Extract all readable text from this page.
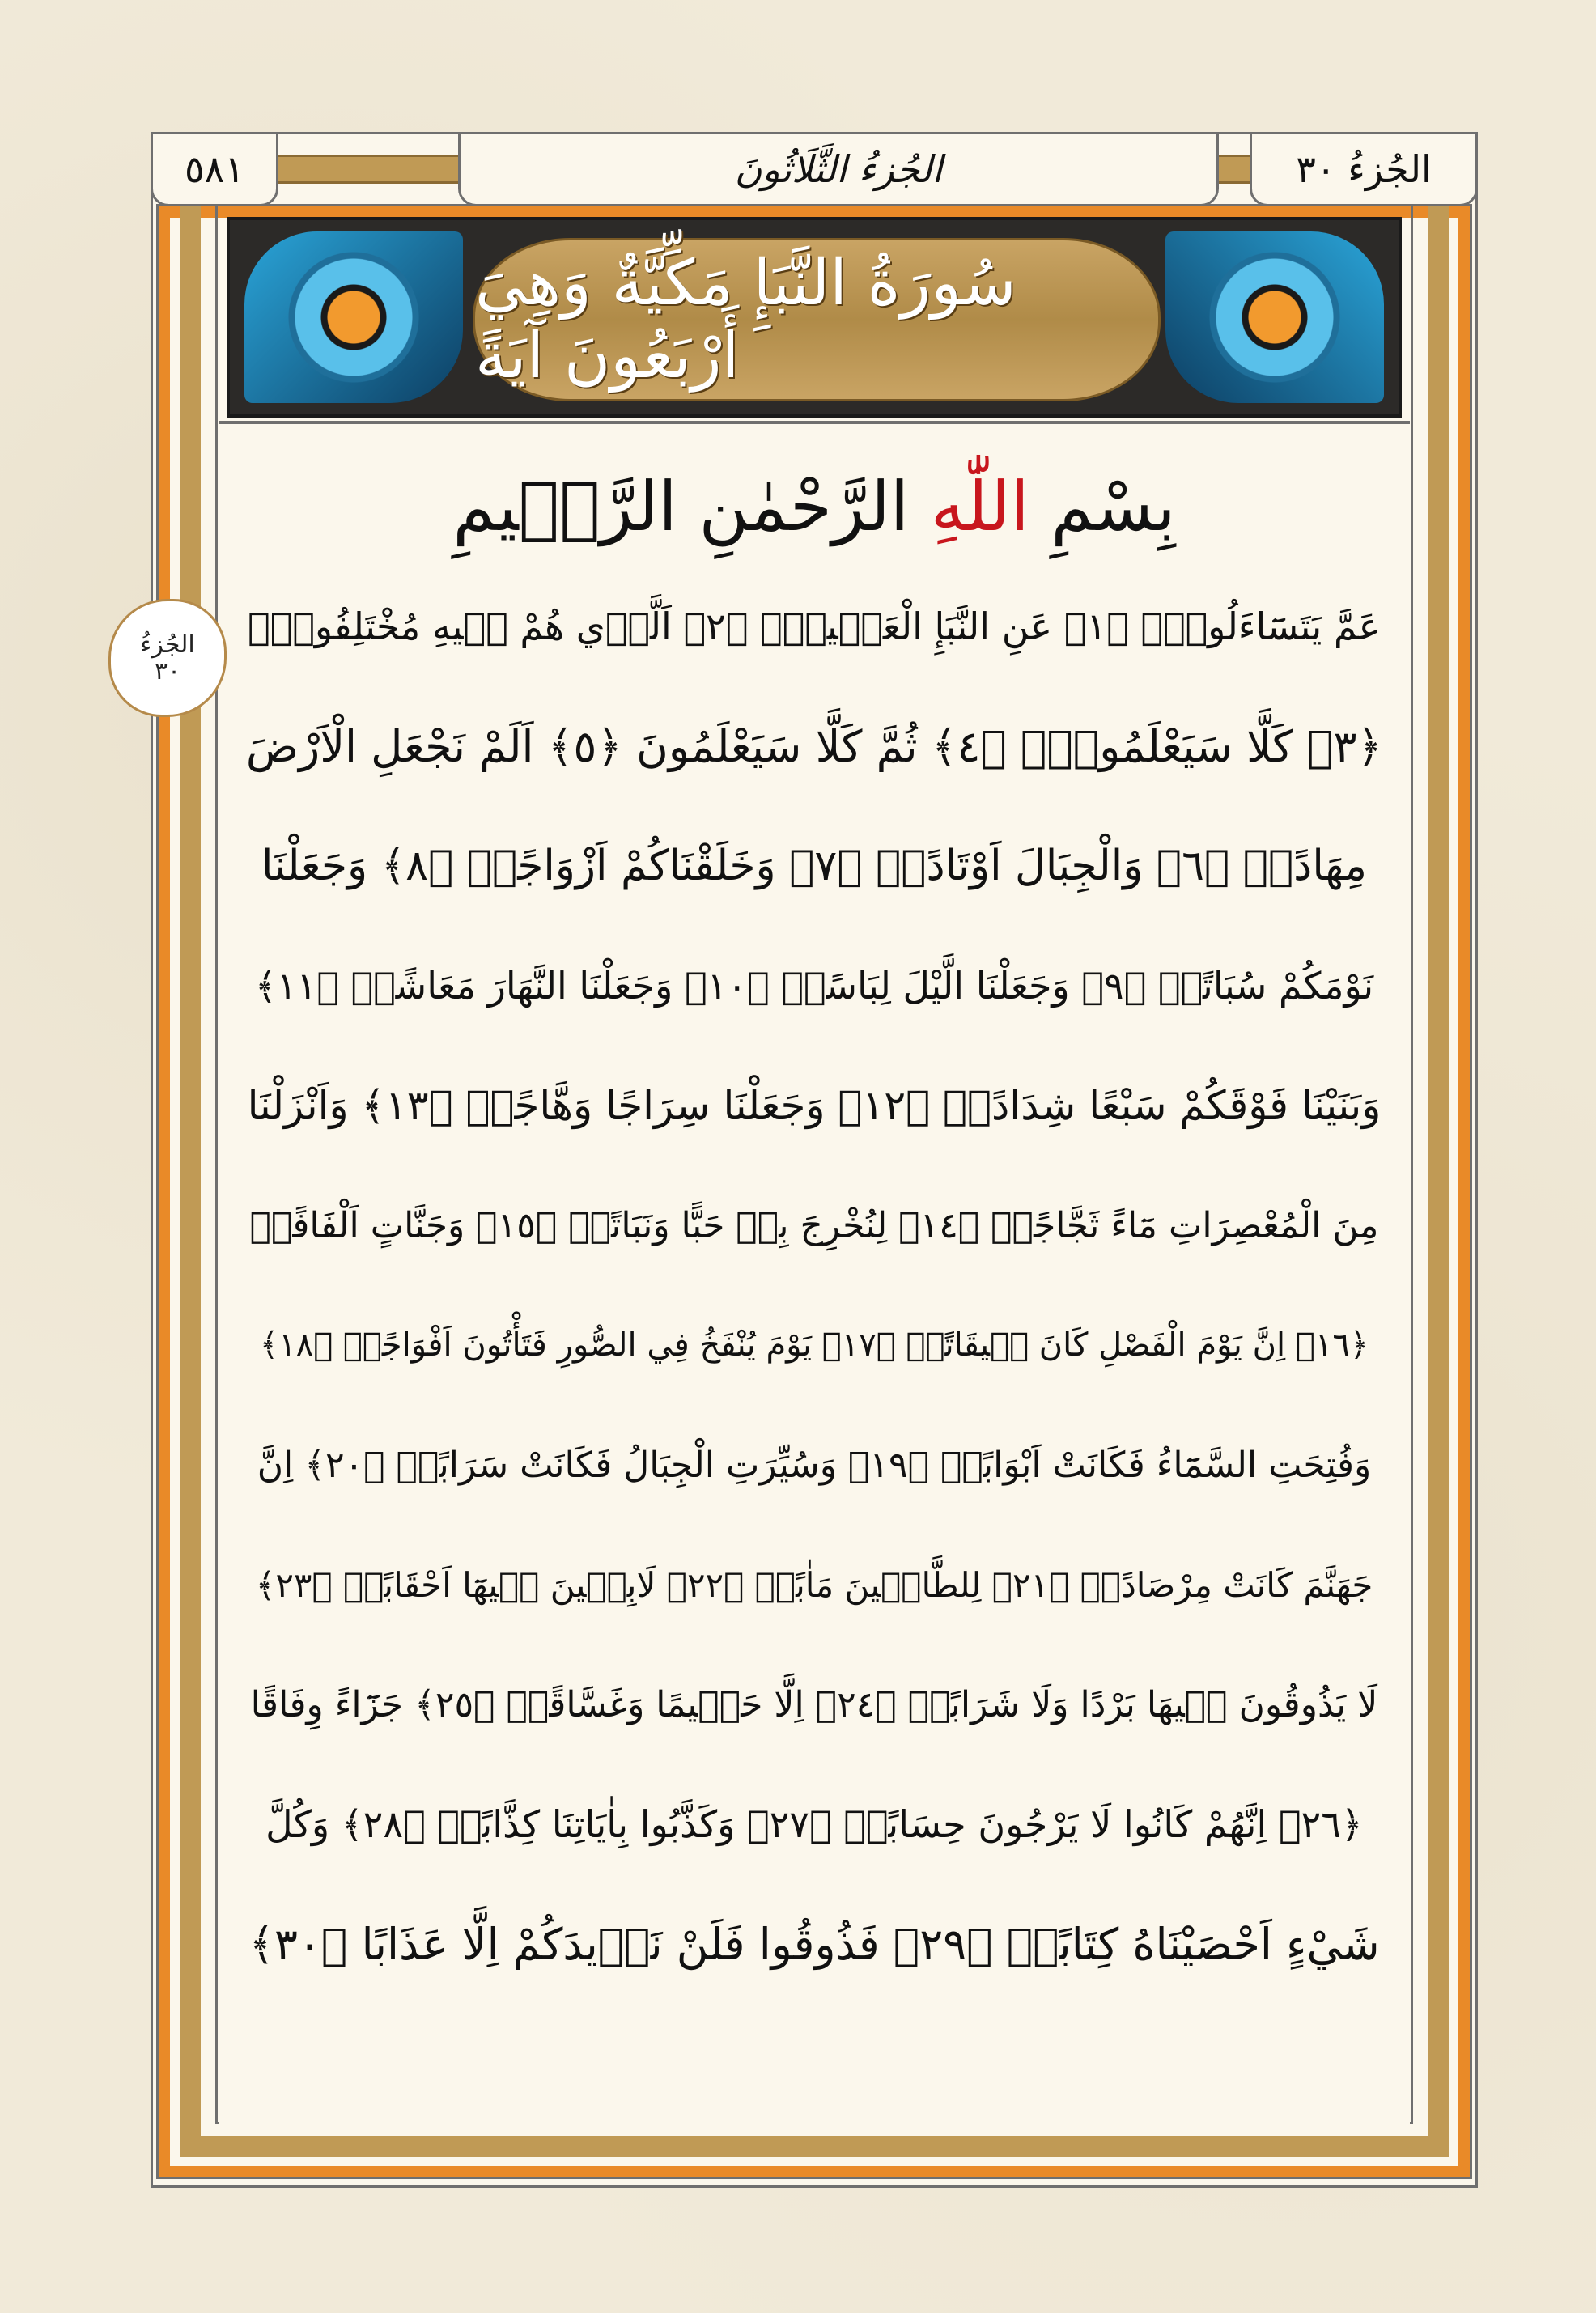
٥٨١	الجُزءُ الثَّلَاثُونَ	الجُزءُ ٣٠
سُورَةُ النَّبَإِ مَكِّيَّةٌ وَهِيَ أَرْبَعُونَ آيَةً
الجُزءُ
٣٠
بِسْمِ

اللّٰهِ

الرَّحْمٰنِ الرَّح۪يمِ
عَمَّ يَتَسَٓاءَلُونَۚ ﴿١﴾ عَنِ النَّبَإِ الْعَظ۪يمِۙ ﴿٢﴾ اَلَّذ۪ي هُمْ ف۪يهِ مُخْتَلِفُونَۜ
﴿٣﴾ كَلَّا سَيَعْلَمُونَۙ ﴿٤﴾ ثُمَّ كَلَّا سَيَعْلَمُونَ ﴿٥﴾ اَلَمْ نَجْعَلِ الْاَرْضَ
مِهَادًاۙ ﴿٦﴾ وَالْجِبَالَ اَوْتَادًاۖ ﴿٧﴾ وَخَلَقْنَاكُمْ اَزْوَاجًاۙ ﴿٨﴾ وَجَعَلْنَا
نَوْمَكُمْ سُبَاتًاۙ ﴿٩﴾ وَجَعَلْنَا الَّيْلَ لِبَاسًاۙ ﴿١٠﴾ وَجَعَلْنَا النَّهَارَ مَعَاشًاۖ ﴿١١﴾
وَبَنَيْنَا فَوْقَكُمْ سَبْعًا شِدَادًاۙ ﴿١٢﴾ وَجَعَلْنَا سِرَاجًا وَهَّاجًاۖ ﴿١٣﴾ وَاَنْزَلْنَا
مِنَ الْمُعْصِرَاتِ مَٓاءً ثَجَّاجًاۙ ﴿١٤﴾ لِنُخْرِجَ بِه۪ حَبًّا وَنَبَاتًاۙ ﴿١٥﴾ وَجَنَّاتٍ اَلْفَافًاۜ
﴿١٦﴾ اِنَّ يَوْمَ الْفَصْلِ كَانَ م۪يقَاتًاۙ ﴿١٧﴾ يَوْمَ يُنْفَخُ فِي الصُّورِ فَتَأْتُونَ اَفْوَاجًاۙ ﴿١٨﴾
وَفُتِحَتِ السَّمَٓاءُ فَكَانَتْ اَبْوَابًاۙ ﴿١٩﴾ وَسُيِّرَتِ الْجِبَالُ فَكَانَتْ سَرَابًاۜ ﴿٢٠﴾ اِنَّ
جَهَنَّمَ كَانَتْ مِرْصَادًاۙ ﴿٢١﴾ لِلطَّاغ۪ينَ مَاٰبًاۙ ﴿٢٢﴾ لَابِث۪ينَ ف۪يهَٓا اَحْقَابًاۚ ﴿٢٣﴾
لَا يَذُوقُونَ ف۪يهَا بَرْدًا وَلَا شَرَابًاۙ ﴿٢٤﴾ اِلَّا حَم۪يمًا وَغَسَّاقًاۙ ﴿٢٥﴾ جَزَٓاءً وِفَاقًا
﴿٢٦﴾ اِنَّهُمْ كَانُوا لَا يَرْجُونَ حِسَابًاۙ ﴿٢٧﴾ وَكَذَّبُوا بِاٰيَاتِنَا كِذَّابًاۜ ﴿٢٨﴾ وَكُلَّ
شَيْءٍ اَحْصَيْنَاهُ كِتَابًاۙ ﴿٢٩﴾ فَذُوقُوا فَلَنْ نَز۪يدَكُمْ اِلَّا عَذَابًا ﴿٣٠﴾
